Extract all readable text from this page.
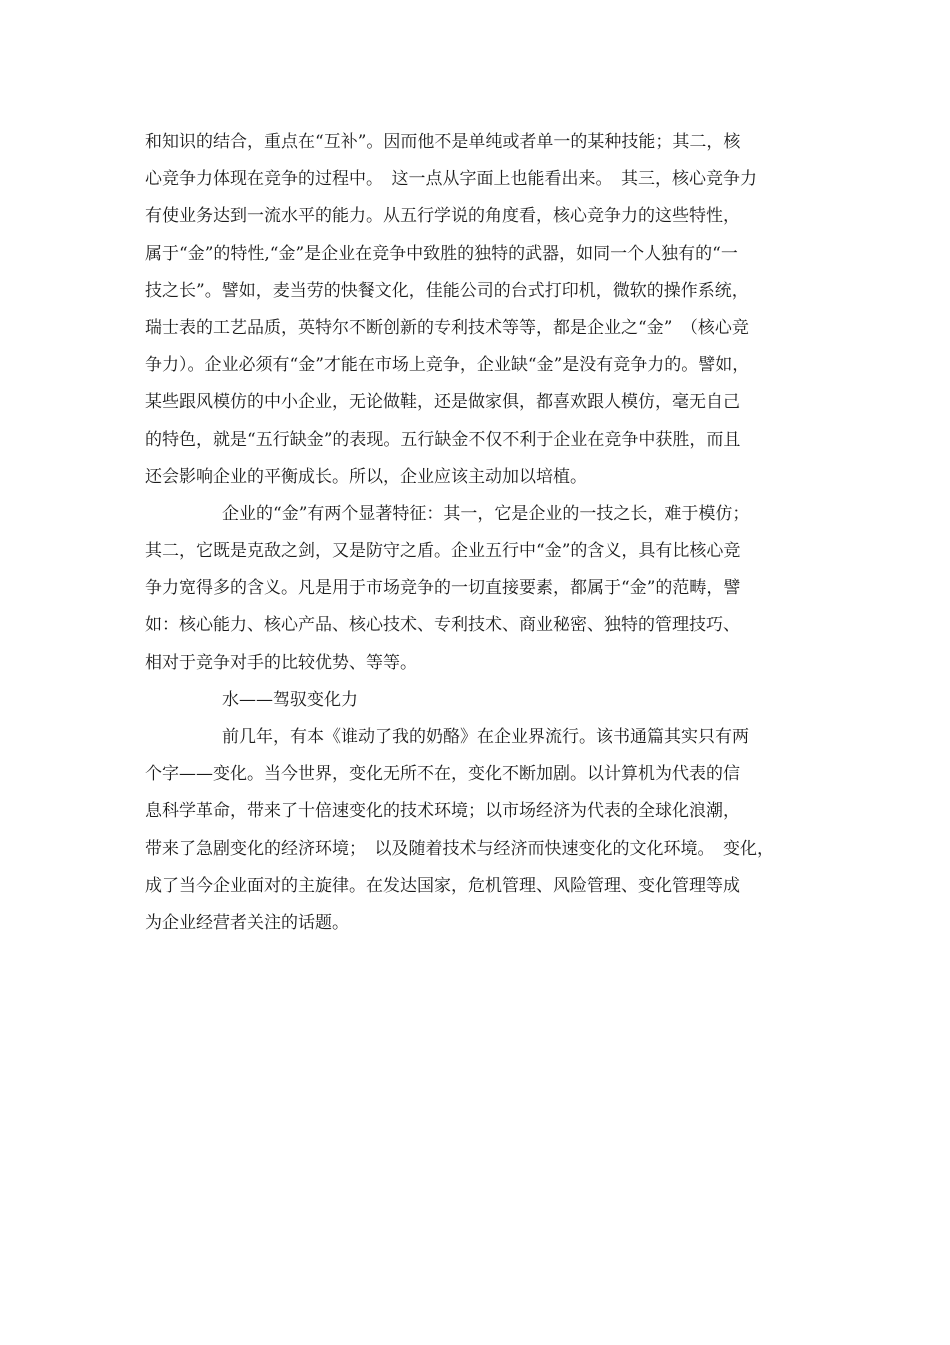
和知识的结合，重点在“互补”。因而他不是单纯或者单一的某种技能；其二，核
心竞争力体现在竞争的过程中。　这一点从字面上也能看出来。　其三，核心竞争力
有使业务达到一流水平的能力。从五行学说的角度看，核心竞争力的这些特性，
属于“金”的特性,“金”是企业在竞争中致胜的独特的武器，如同一个人独有的“一
技之长”。譬如，麦当劳的快餐文化，佳能公司的台式打印机，微软的操作系统，
瑞士表的工艺品质，英特尔不断创新的专利技术等等，都是企业之“金”　（核心竞
争力）。企业必须有“金”才能在市场上竞争，企业缺“金”是没有竞争力的。譬如，
某些跟风模仿的中小企业，无论做鞋，还是做家俱，都喜欢跟人模仿，毫无自己
的特色，就是“五行缺金”的表现。五行缺金不仅不利于企业在竞争中获胜，而且
还会影响企业的平衡成长。所以，企业应该主动加以培植。
企业的“金”有两个显著特征：其一，它是企业的一技之长，难于模仿；
其二，它既是克敌之剑，又是防守之盾。企业五行中“金”的含义，具有比核心竞
争力宽得多的含义。凡是用于市场竞争的一切直接要素，都属于“金”的范畴，譬
如：核心能力、核心产品、核心技术、专利技术、商业秘密、独特的管理技巧、
相对于竞争对手的比较优势、等等。
水——驾驭变化力
前几年，有本《谁动了我的奶酪》在企业界流行。该书通篇其实只有两
个字——变化。当今世界，变化无所不在，变化不断加剧。以计算机为代表的信
息科学革命，带来了十倍速变化的技术环境；以市场经济为代表的全球化浪潮，
带来了急剧变化的经济环境；　以及随着技术与经济而快速变化的文化环境。　变化，
成了当今企业面对的主旋律。在发达国家，危机管理、风险管理、变化管理等成
为企业经营者关注的话题。
